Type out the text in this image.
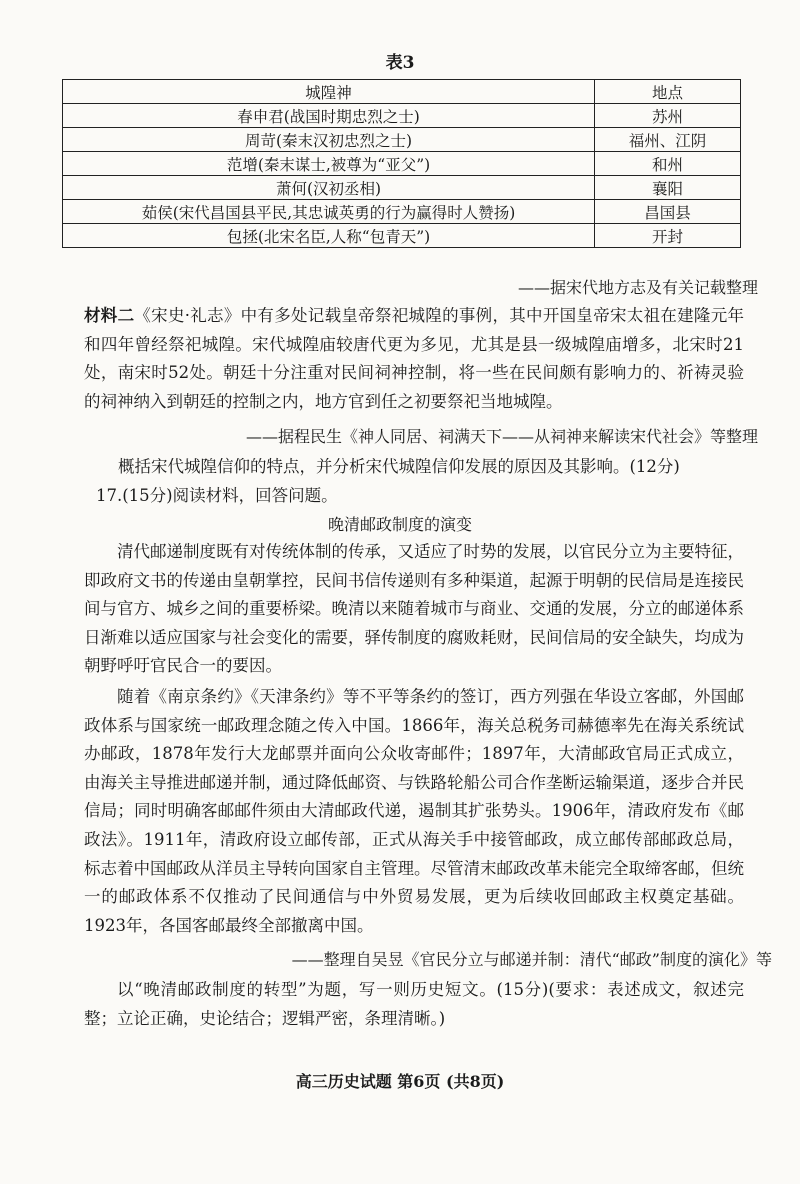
表3
城隍神	地点
春申君(战国时期忠烈之士)	苏州
周苛(秦末汉初忠烈之士)	福州、江阴
范增(秦末谋士,被尊为“亚父”)	和州
萧何(汉初丞相)	襄阳
茹侯(宋代昌国县平民,其忠诚英勇的行为赢得时人赞扬)	昌国县
包拯(北宋名臣,人称“包青天”)	开封
——据宋代地方志及有关记载整理

材料二《宋史·礼志》中有多处记载皇帝祭祀城隍的事例，其中开国皇帝宋太祖在建隆元年和四年曾经祭祀城隍。宋代城隍庙较唐代更为多见，尤其是县一级城隍庙增多，北宋时21处，南宋时52处。朝廷十分注重对民间祠神控制，将一些在民间颇有影响力的、祈祷灵验的祠神纳入到朝廷的控制之内，地方官到任之初要祭祀当地城隍。

——据程民生《神人同居、祠满天下——从祠神来解读宋代社会》等整理
概括宋代城隍信仰的特点，并分析宋代城隍信仰发展的原因及其影响。(12分)
17.(15分)阅读材料，回答问题。
晚清邮政制度的演变

清代邮递制度既有对传统体制的传承，又适应了时势的发展，以官民分立为主要特征，即政府文书的传递由皇朝掌控，民间书信传递则有多种渠道，起源于明朝的民信局是连接民间与官方、城乡之间的重要桥梁。晚清以来随着城市与商业、交通的发展，分立的邮递体系日渐难以适应国家与社会变化的需要，驿传制度的腐败耗财，民间信局的安全缺失，均成为朝野呼吁官民合一的要因。

随着《南京条约》《天津条约》等不平等条约的签订，西方列强在华设立客邮，外国邮政体系与国家统一邮政理念随之传入中国。1866年，海关总税务司赫德率先在海关系统试办邮政，1878年发行大龙邮票并面向公众收寄邮件；1897年，大清邮政官局正式成立，由海关主导推进邮递并制，通过降低邮资、与铁路轮船公司合作垄断运输渠道，逐步合并民信局；同时明确客邮邮件须由大清邮政代递，遏制其扩张势头。1906年，清政府发布《邮政法》。1911年，清政府设立邮传部，正式从海关手中接管邮政，成立邮传部邮政总局，标志着中国邮政从洋员主导转向国家自主管理。尽管清末邮政改革未能完全取缔客邮，但统一的邮政体系不仅推动了民间通信与中外贸易发展，更为后续收回邮政主权奠定基础。1923年，各国客邮最终全部撤离中国。

——整理自吴昱《官民分立与邮递并制：清代“邮政”制度的演化》等

以“晚清邮政制度的转型”为题，写一则历史短文。(15分)(要求：表述成文，叙述完整；立论正确，史论结合；逻辑严密，条理清晰。)

高三历史试题 第6页 (共8页)
